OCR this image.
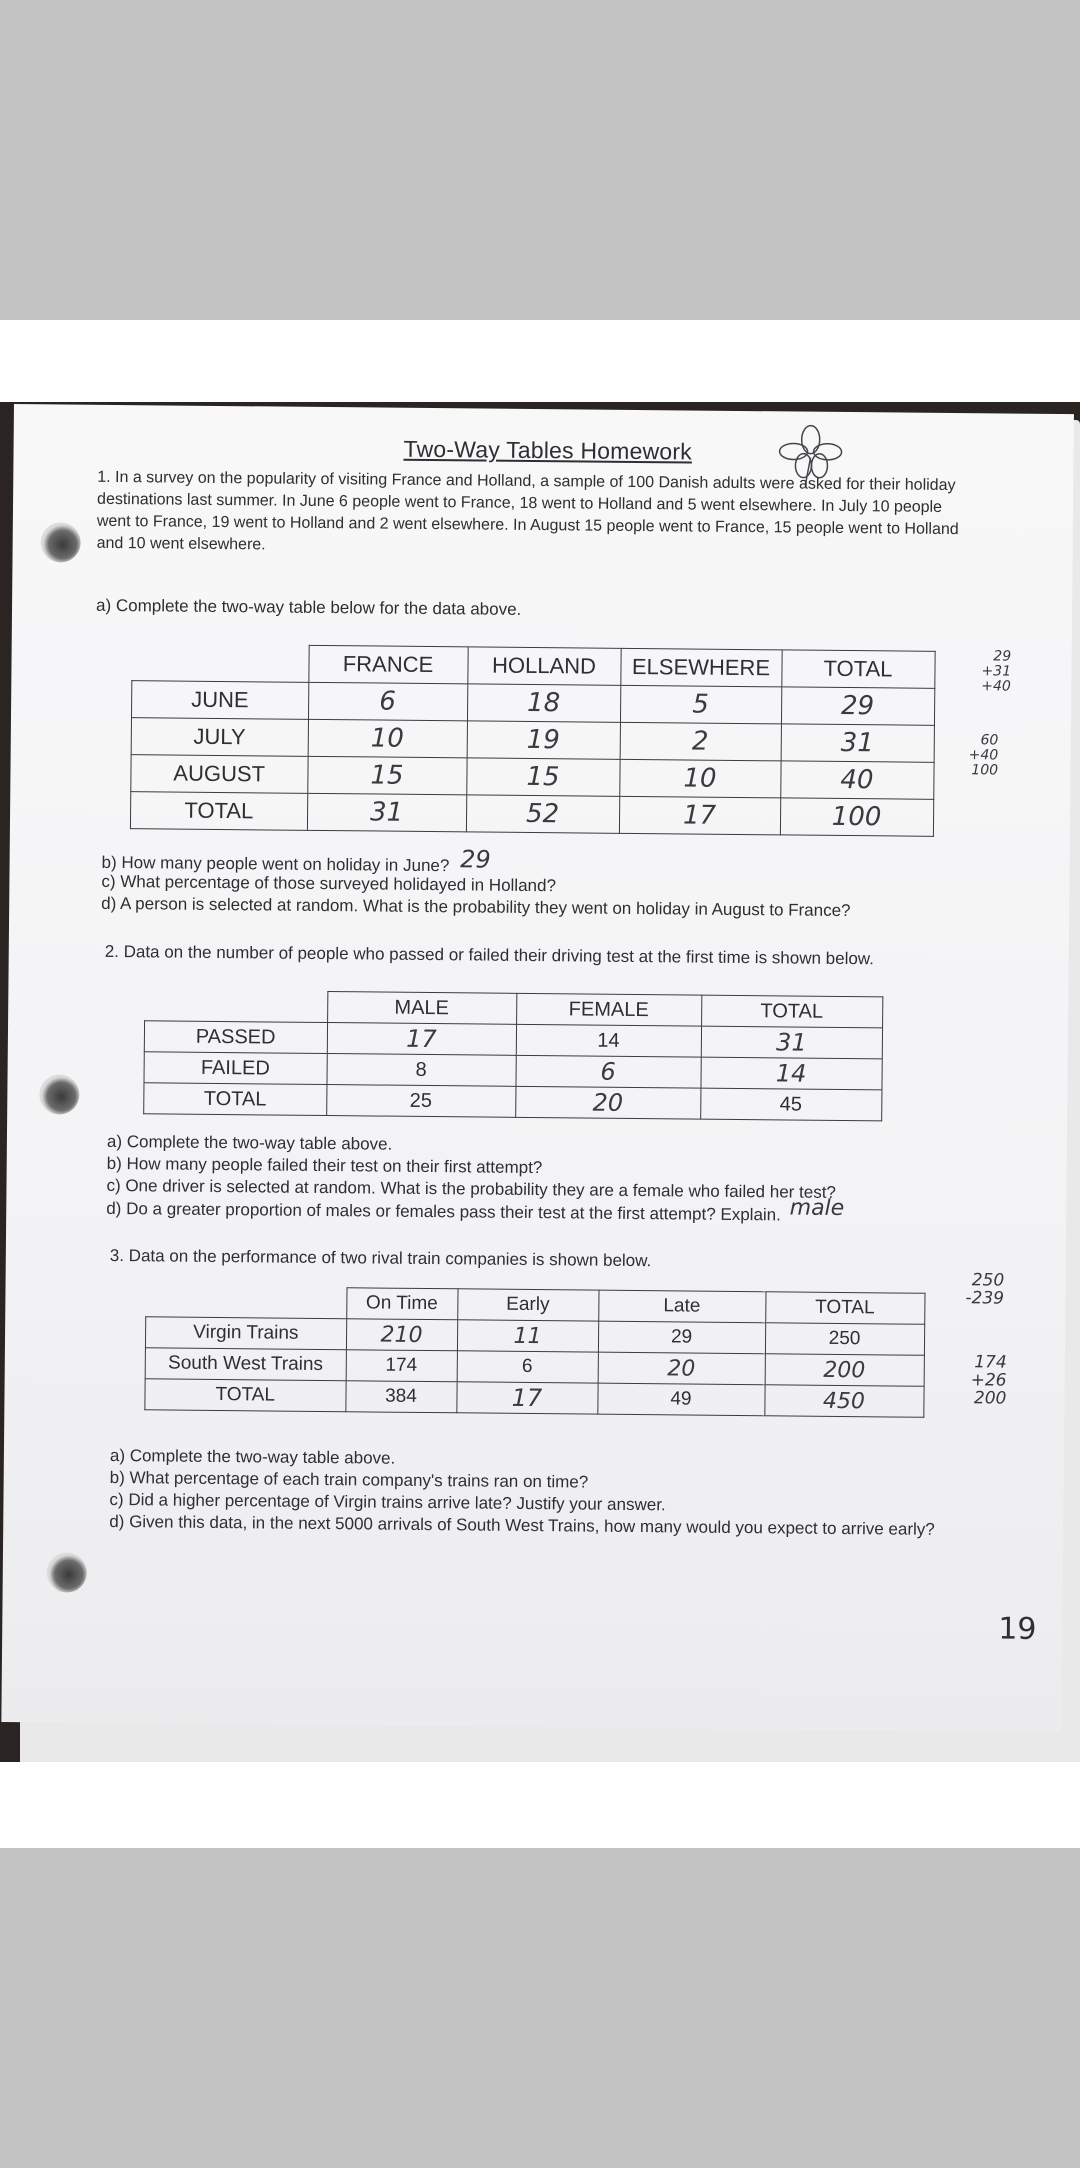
Two-Way Tables Homework
1. In a survey on the popularity of visiting France and Holland, a sample of 100 Danish adults were asked for their holiday destinations last summer. In June 6 people went to France, 18 went to Holland and 5 went elsewhere. In July 10 people went to France, 19 went to Holland and 2 went elsewhere. In August 15 people went to France, 15 people went to Holland and 10 went elsewhere.
a) Complete the two-way table below for the data above.
	FRANCE	HOLLAND	ELSEWHERE	TOTAL
JUNE	6	18	5	29
JULY	10	19	2	31
AUGUST	15	15	10	40
TOTAL	31	52	17	100
29
+31
+40
60
+40
100
b) How many people went on holiday in June? 29
c) What percentage of those surveyed holidayed in Holland?
d) A person is selected at random. What is the probability they went on holiday in August to France?
2. Data on the number of people who passed or failed their driving test at the first time is shown below.
	MALE	FEMALE	TOTAL
PASSED	17	14	31
FAILED	8	6	14
TOTAL	25	20	45
a) Complete the two-way table above.
b) How many people failed their test on their first attempt?
c) One driver is selected at random. What is the probability they are a female who failed her test?
d) Do a greater proportion of males or females pass their test at the first attempt? Explain. male
3. Data on the performance of two rival train companies is shown below.
	On Time	Early	Late	TOTAL
Virgin Trains	210	11	29	250
South West Trains	174	6	20	200
TOTAL	384	17	49	450
250
-239
174
+26
200
a) Complete the two-way table above.
b) What percentage of each train company's trains ran on time?
c) Did a higher percentage of Virgin trains arrive late? Justify your answer.
d) Given this data, in the next 5000 arrivals of South West Trains, how many would you expect to arrive early?
19
